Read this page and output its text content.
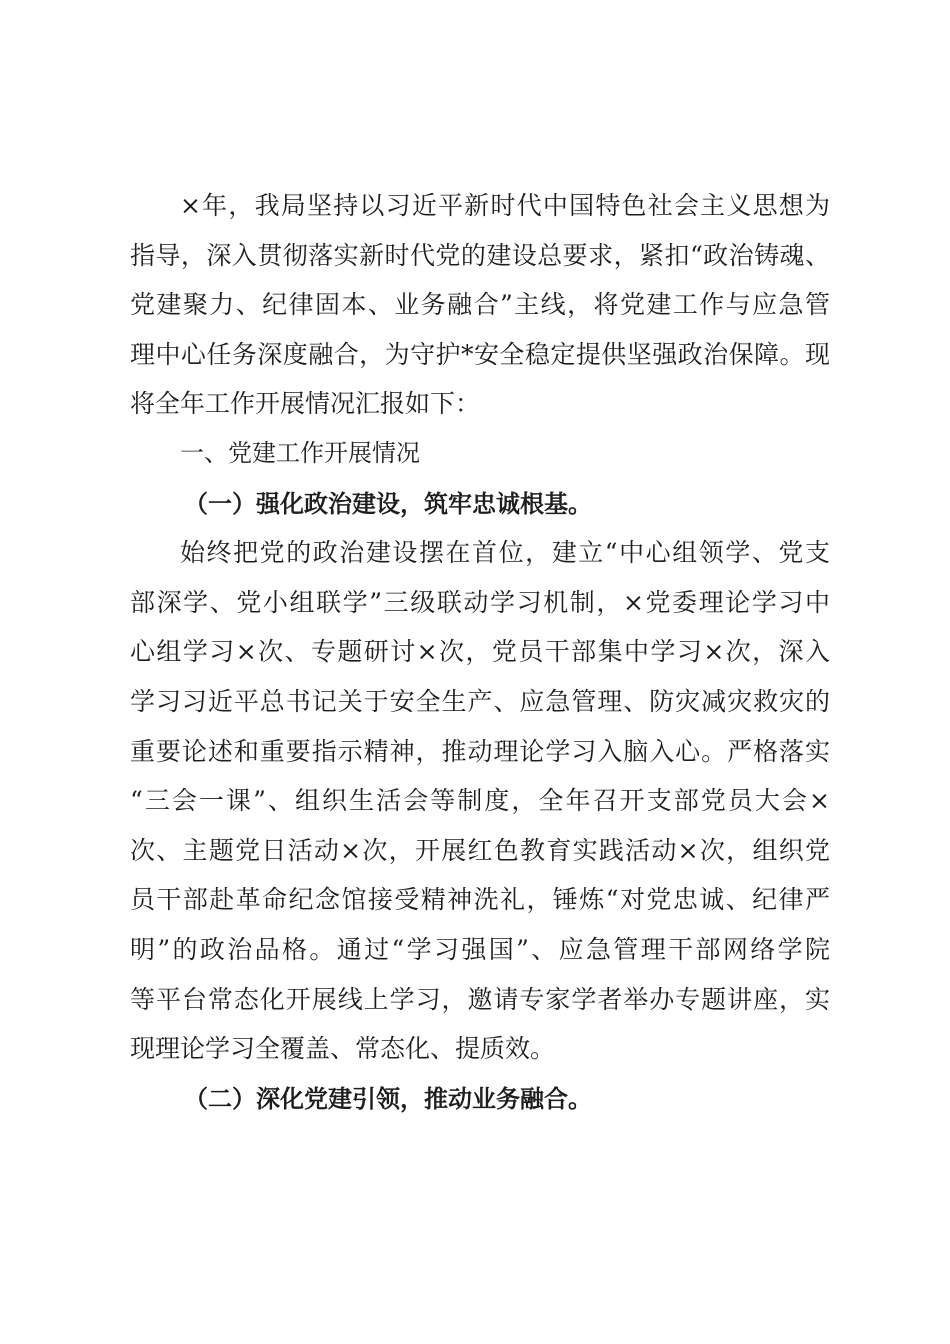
×年，我局坚持以习近平新时代中国特色社会主义思想为
指导，深入贯彻落实新时代党的建设总要求，紧扣“政治铸魂、
党建聚力、纪律固本、业务融合”主线，将党建工作与应急管
理中心任务深度融合，为守护*安全稳定提供坚强政治保障。现
将全年工作开展情况汇报如下：
一、党建工作开展情况
（一）强化政治建设，筑牢忠诚根基。
始终把党的政治建设摆在首位，建立“中心组领学、党支
部深学、党小组联学”三级联动学习机制，×党委理论学习中
心组学习×次、专题研讨×次，党员干部集中学习×次，深入
学习习近平总书记关于安全生产、应急管理、防灾减灾救灾的
重要论述和重要指示精神，推动理论学习入脑入心。严格落实
“三会一课”、组织生活会等制度，全年召开支部党员大会×
次、主题党日活动×次，开展红色教育实践活动×次，组织党
员干部赴革命纪念馆接受精神洗礼，锤炼“对党忠诚、纪律严
明”的政治品格。通过“学习强国”、应急管理干部网络学院
等平台常态化开展线上学习，邀请专家学者举办专题讲座，实
现理论学习全覆盖、常态化、提质效。
（二）深化党建引领，推动业务融合。
